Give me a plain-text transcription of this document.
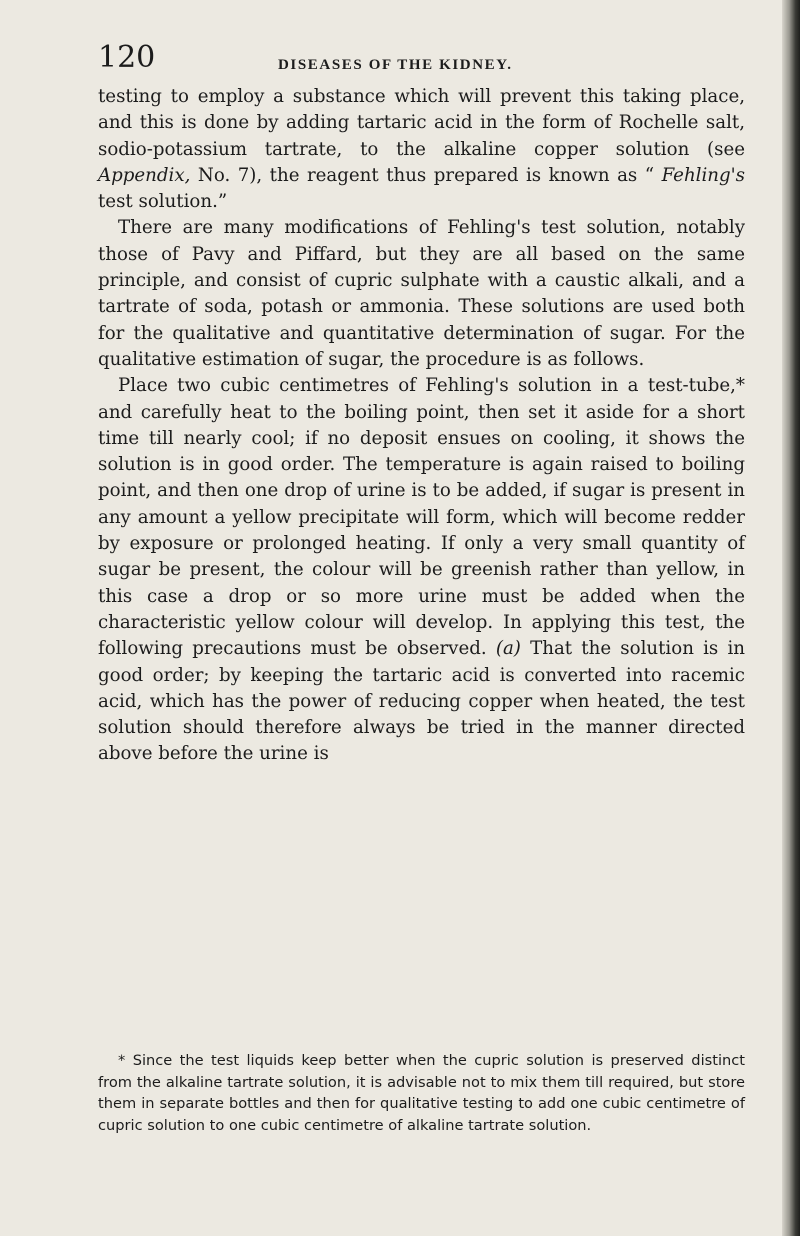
120	DISEASES OF THE KIDNEY.

testing to employ a substance which will prevent this taking place, and this is done by adding tartaric acid in the form of Rochelle salt, sodio-potassium tartrate, to the alkaline copper solution (see Appendix, No. 7), the reagent thus prepared is known as “ Fehling's test solution.”

There are many modifications of Fehling's test solution, notably those of Pavy and Piffard, but they are all based on the same principle, and consist of cupric sulphate with a caustic alkali, and a tartrate of soda, potash or ammonia. These solutions are used both for the qualitative and quantitative determination of sugar. For the qualitative estimation of sugar, the procedure is as follows.

Place two cubic centimetres of Fehling's solution in a test-tube,* and carefully heat to the boiling point, then set it aside for a short time till nearly cool; if no deposit ensues on cooling, it shows the solution is in good order. The temperature is again raised to boiling point, and then one drop of urine is to be added, if sugar is present in any amount a yellow precipitate will form, which will become redder by exposure or prolonged heating. If only a very small quantity of sugar be present, the colour will be greenish rather than yellow, in this case a drop or so more urine must be added when the characteristic yellow colour will develop. In applying this test, the following precautions must be observed. (a) That the solution is in good order; by keeping the tartaric acid is converted into racemic acid, which has the power of reducing copper when heated, the test solution should therefore always be tried in the manner directed above before the urine is

* Since the test liquids keep better when the cupric solution is preserved distinct from the alkaline tartrate solution, it is advisable not to mix them till required, but store them in separate bottles and then for qualitative testing to add one cubic centimetre of cupric solution to one cubic centimetre of alkaline tartrate solution.
